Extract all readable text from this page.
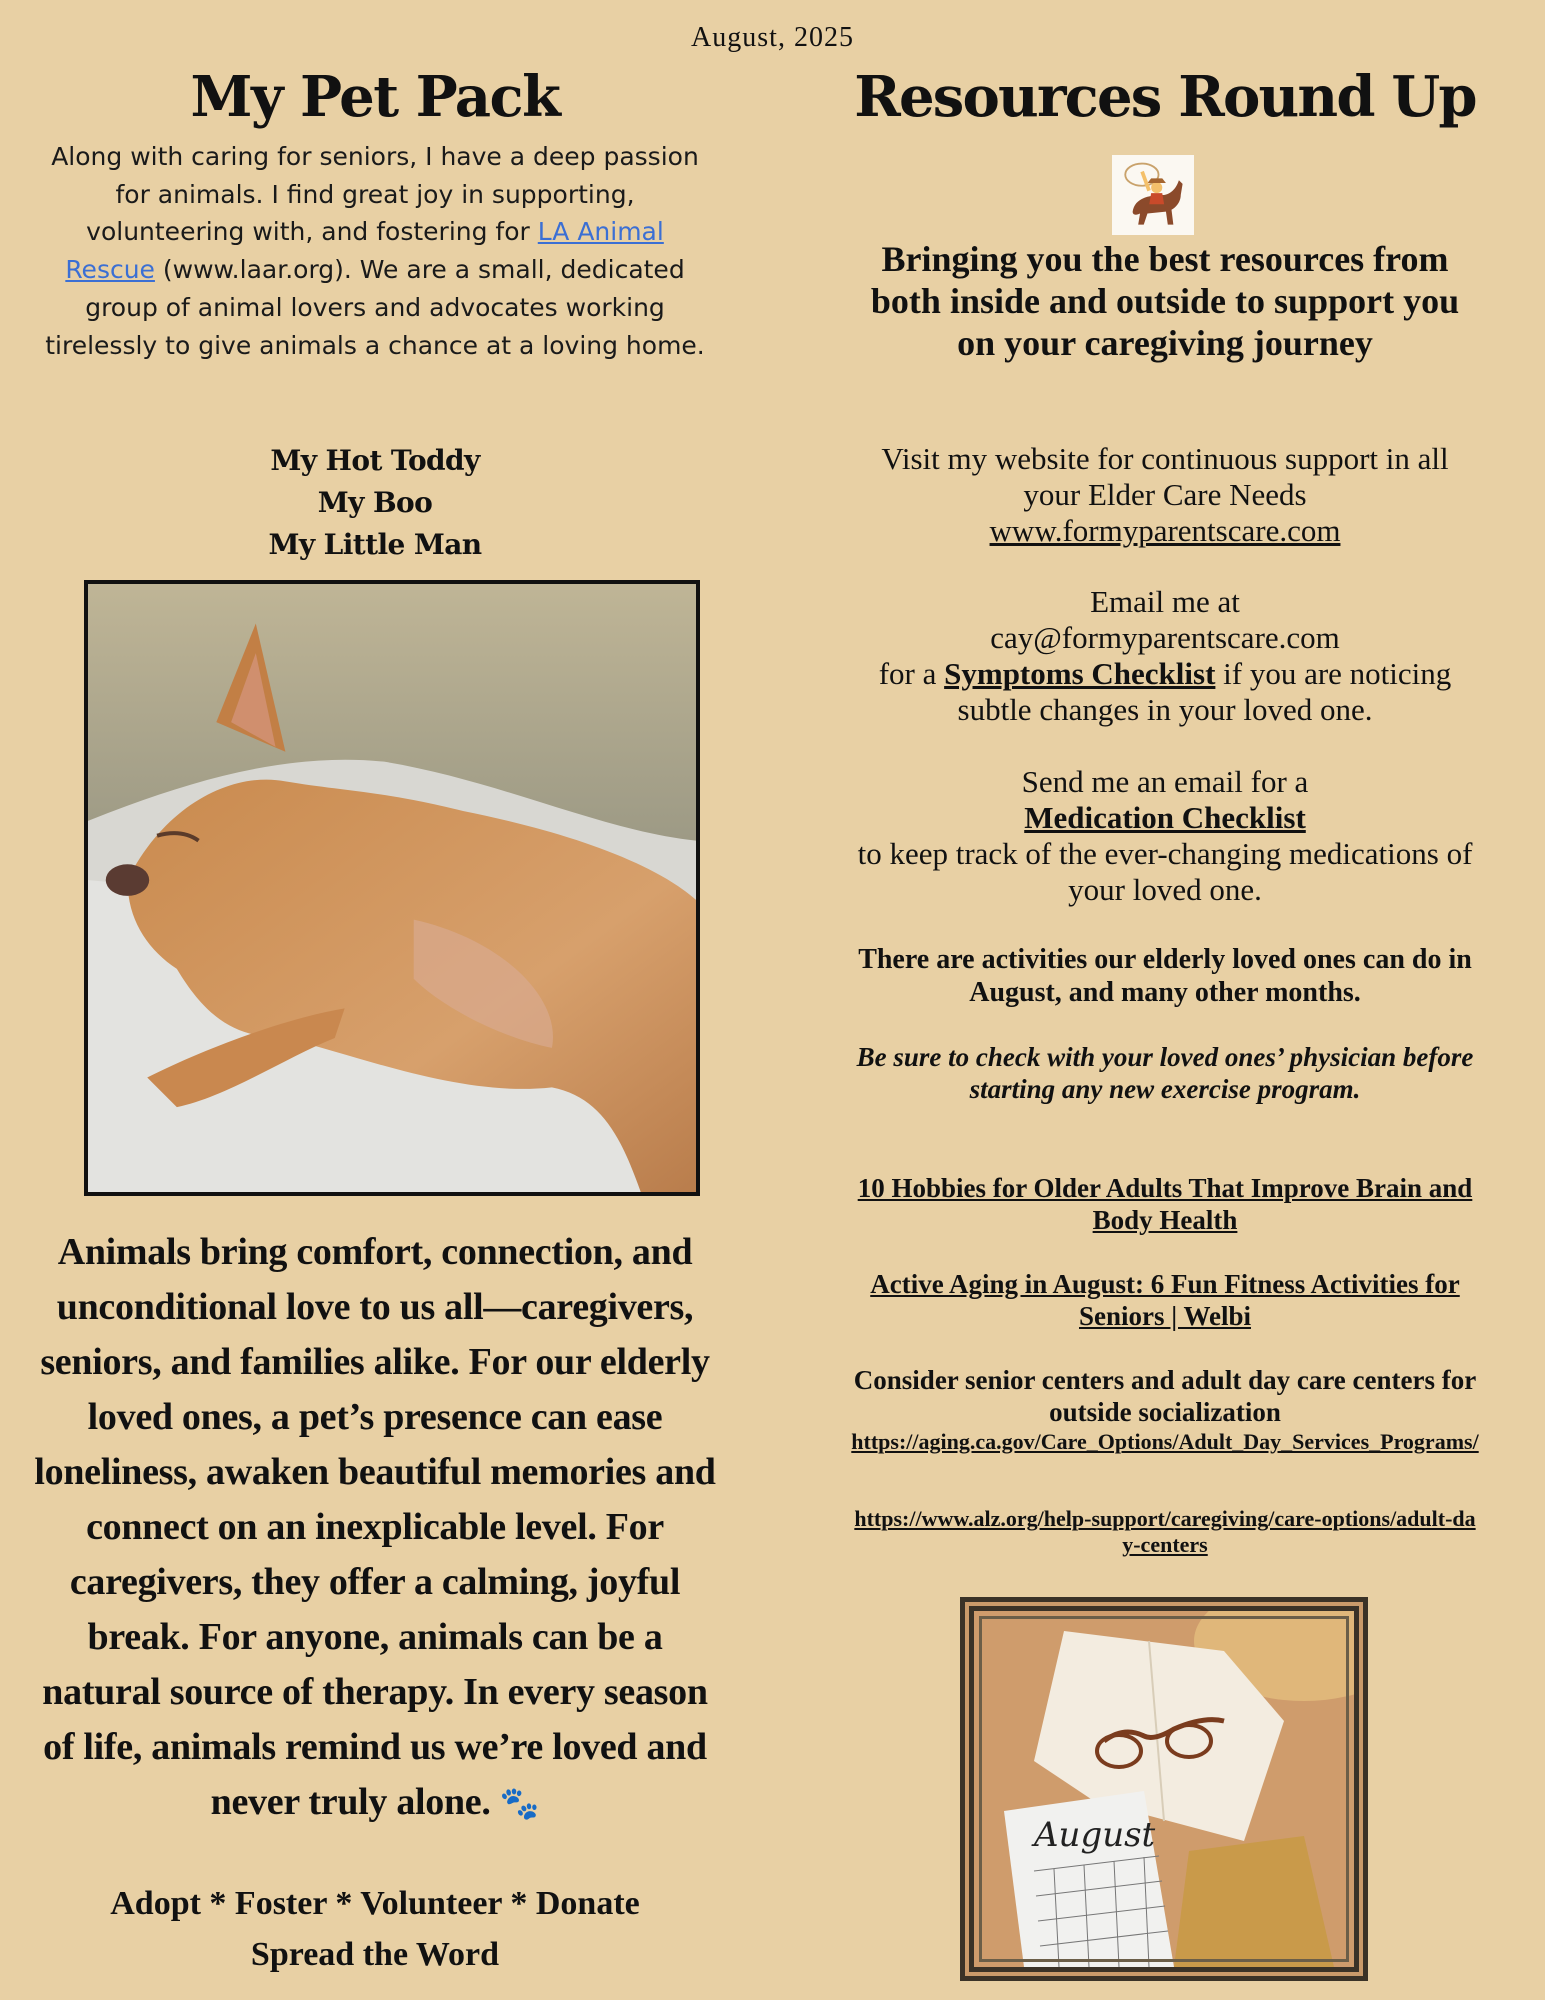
August, 2025
My Pet Pack

Along with caring for seniors, I have a deep passion for animals. I find great joy in supporting, volunteering with, and fostering for LA Animal Rescue (www.laar.org). We are a small, dedicated group of animal lovers and advocates working tirelessly to give animals a chance at a loving home.

My Hot Toddy
My Boo
My Little Man

Animals bring comfort, connection, and unconditional love to us all—caregivers, seniors, and families alike. For our elderly loved ones, a pet’s presence can ease loneliness, awaken beautiful memories and connect on an inexplicable level. For caregivers, they offer a calming, joyful break. For anyone, animals can be a natural source of therapy. In every season of life, animals remind us we’re loved and never truly alone. 🐾

Adopt * Foster * Volunteer * Donate
Spread the Word
Resources Round Up
Bringing you the best resources from both inside and outside to support you on your caregiving journey
Visit my website for continuous support in all your Elder Care Needs
www.formyparentscare.com
Email me at
cay@formyparentscare.com
for a Symptoms Checklist if you are noticing subtle changes in your loved one.
Send me an email for a
Medication Checklist
to keep track of the ever-changing medications of your loved one.
There are activities our elderly loved ones can do in August, and many other months.
Be sure to check with your loved ones’ physician before starting any new exercise program.
10 Hobbies for Older Adults That Improve Brain and Body Health
Active Aging in August: 6 Fun Fitness Activities for Seniors | Welbi
Consider senior centers and adult day care centers for outside socialization
https://aging.ca.gov/Care_Options/Adult_Day_Services_Programs/
https://www.alz.org/help-support/caregiving/care-options/adult-day-centers
August
